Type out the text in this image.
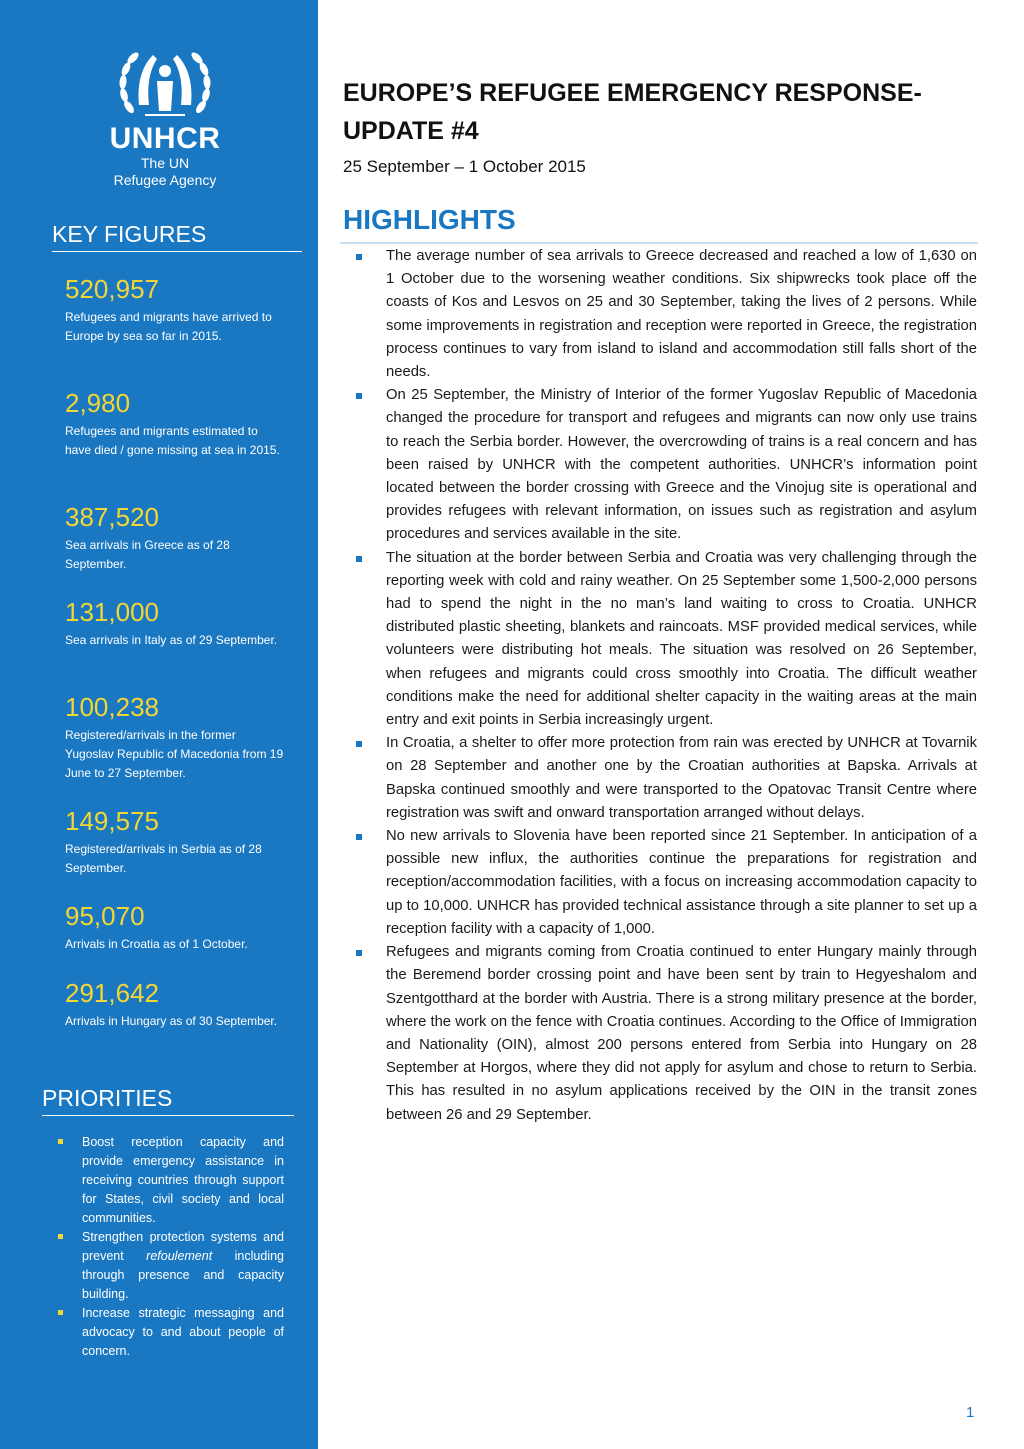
UNHCR
The UN
Refugee Agency
KEY FIGURES
520,957
Refugees and migrants have arrived to Europe by sea so far in 2015.
2,980
Refugees and migrants estimated to have died / gone missing at sea in 2015.
387,520
Sea arrivals in Greece as of 28 September.
131,000
Sea arrivals in Italy as of 29 September.
100,238
Registered/arrivals in the former Yugoslav Republic of Macedonia from 19 June to 27 September.
149,575
Registered/arrivals in Serbia as of 28 September.
95,070
Arrivals in Croatia as of 1 October.
291,642
Arrivals in Hungary as of 30 September.
PRIORITIES
Boost reception capacity and provide emergency assistance in receiving countries through support for States, civil society and local communities.
Strengthen protection systems and prevent refoulement including through presence and capacity building.
Increase strategic messaging and advocacy to and about people of concern.
EUROPE’S REFUGEE EMERGENCY RESPONSE- UPDATE #4
25 September – 1 October 2015
HIGHLIGHTS
The average number of sea arrivals to Greece decreased and reached a low of 1,630 on 1 October due to the worsening weather conditions. Six shipwrecks took place off the coasts of Kos and Lesvos on 25 and 30 September, taking the lives of 2 persons. While some improvements in registration and reception were reported in Greece, the registration process continues to vary from island to island and accommodation still falls short of the needs.
On 25 September, the Ministry of Interior of the former Yugoslav Republic of Macedonia changed the procedure for transport and refugees and migrants can now only use trains to reach the Serbia border. However, the overcrowding of trains is a real concern and has been raised by UNHCR with the competent authorities. UNHCR’s information point located between the border crossing with Greece and the Vinojug site is operational and provides refugees with relevant information, on issues such as registration and asylum procedures and services available in the site.
The situation at the border between Serbia and Croatia was very challenging through the reporting week with cold and rainy weather. On 25 September some 1,500-2,000 persons had to spend the night in the no man’s land waiting to cross to Croatia. UNHCR distributed plastic sheeting, blankets and raincoats. MSF provided medical services, while volunteers were distributing hot meals. The situation was resolved on 26 September, when refugees and migrants could cross smoothly into Croatia. The difficult weather conditions make the need for additional shelter capacity in the waiting areas at the main entry and exit points in Serbia increasingly urgent.
In Croatia, a shelter to offer more protection from rain was erected by UNHCR at Tovarnik on 28 September and another one by the Croatian authorities at Bapska. Arrivals at Bapska continued smoothly and were transported to the Opatovac Transit Centre where registration was swift and onward transportation arranged without delays.
No new arrivals to Slovenia have been reported since 21 September. In anticipation of a possible new influx, the authorities continue the preparations for registration and reception/accommodation facilities, with a focus on increasing accommodation capacity to up to 10,000. UNHCR has provided technical assistance through a site planner to set up a reception facility with a capacity of 1,000.
Refugees and migrants coming from Croatia continued to enter Hungary mainly through the Beremend border crossing point and have been sent by train to Hegyeshalom and Szentgotthard at the border with Austria. There is a strong military presence at the border, where the work on the fence with Croatia continues. According to the Office of Immigration and Nationality (OIN), almost 200 persons entered from Serbia into Hungary on 28 September at Horgos, where they did not apply for asylum and chose to return to Serbia. This has resulted in no asylum applications received by the OIN in the transit zones between 26 and 29 September.
1
